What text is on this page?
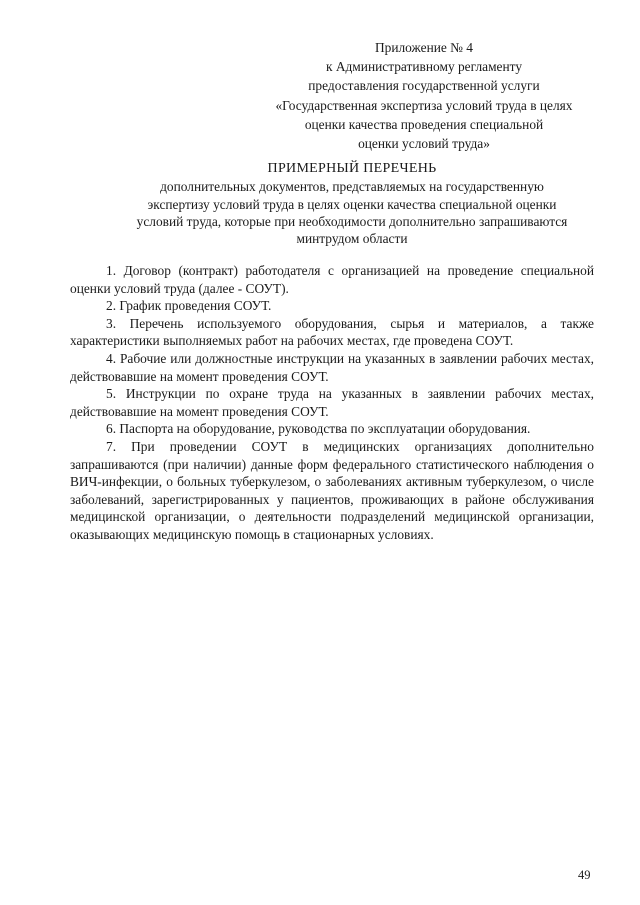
Приложение № 4
к Административному регламенту
предоставления государственной услуги
«Государственная экспертиза условий труда в целях
оценки качества проведения специальной
оценки условий труда»
ПРИМЕРНЫЙ ПЕРЕЧЕНЬ
дополнительных документов, представляемых на государственную
экспертизу условий труда в целях оценки качества специальной оценки
условий труда, которые при необходимости дополнительно запрашиваются
минтрудом области

1. Договор (контракт) работодателя с организацией на проведение специальной оценки условий труда (далее - СОУТ).

2. График проведения СОУТ.

3. Перечень используемого оборудования, сырья и материалов, а также характеристики выполняемых работ на рабочих местах, где проведена СОУТ.

4. Рабочие или должностные инструкции на указанных в заявлении рабочих местах, действовавшие на момент проведения СОУТ.

5. Инструкции по охране труда на указанных в заявлении рабочих местах, действовавшие на момент проведения СОУТ.

6. Паспорта на оборудование, руководства по эксплуатации оборудования.

7. При проведении СОУТ в медицинских организациях дополнительно запрашиваются (при наличии) данные форм федерального статистического наблюдения о ВИЧ-инфекции, о больных туберкулезом, о заболеваниях активным туберкулезом, о числе заболеваний, зарегистрированных у пациентов, проживающих в районе обслуживания медицинской организации, о деятельности подразделений медицинской организации, оказывающих медицинскую помощь в стационарных условиях.

49
